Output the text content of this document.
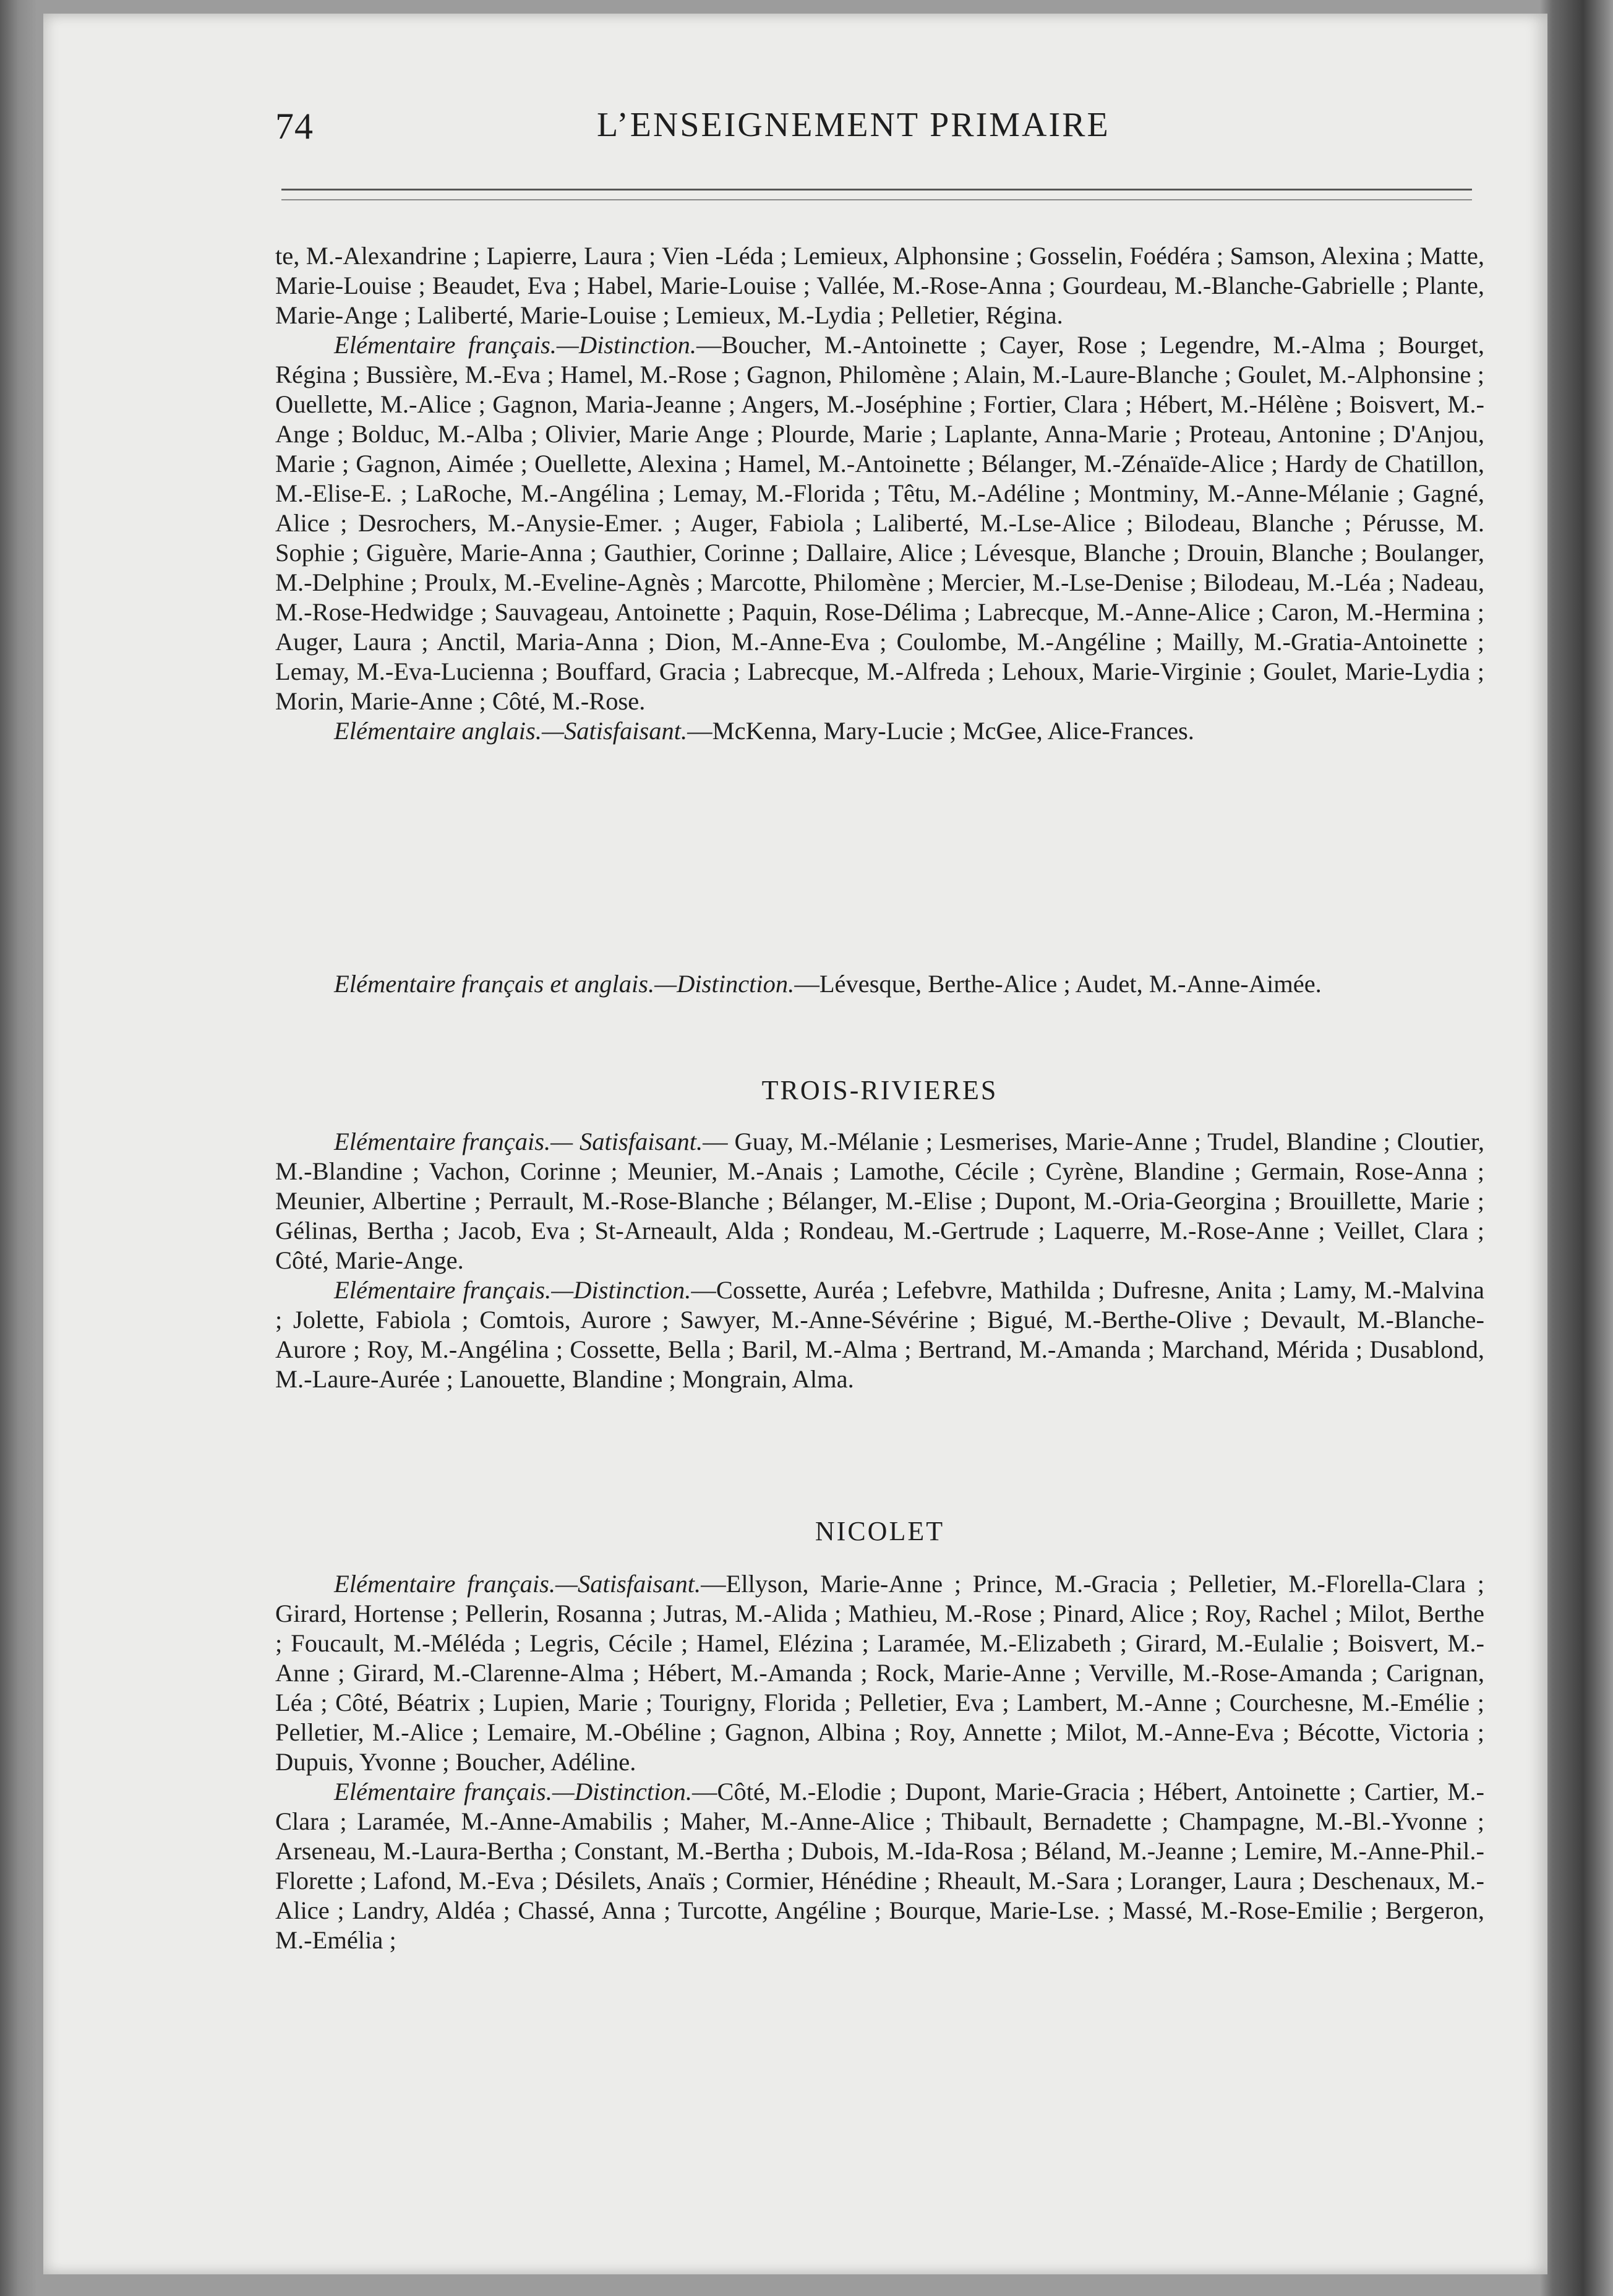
74	L’ENSEIGNEMENT PRIMAIRE

te, M.-Alexandrine ; Lapierre, Laura ; Vien -Léda ; Lemieux, Alphonsine ; Gosselin, Foédéra ; Samson, Alexina ; Matte, Marie-Louise ; Beaudet, Eva ; Habel, Marie-Louise ; Vallée, M.-Rose-Anna ; Gourdeau, M.-Blanche-Gabrielle ; Plante, Marie-Ange ; Laliberté, Marie-Louise ; Lemieux, M.-Lydia ; Pelletier, Régina.

Elémentaire français.—Distinction.—Boucher, M.-Antoinette ; Cayer, Rose ; Legendre, M.-Alma ; Bourget, Régina ; Bussière, M.-Eva ; Hamel, M.-Rose ; Gagnon, Philomène ; Alain, M.-Laure-Blanche ; Goulet, M.-Alphonsine ; Ouellette, M.-Alice ; Gagnon, Maria-Jeanne ; Angers, M.-Joséphine ; Fortier, Clara ; Hébert, M.-Hélène ; Boisvert, M.-Ange ; Bolduc, M.-Alba ; Olivier, Marie Ange ; Plourde, Marie ; Laplante, Anna-Marie ; Proteau, Antonine ; D'Anjou, Marie ; Gagnon, Aimée ; Ouellette, Alexina ; Hamel, M.-Antoinette ; Bélanger, M.-Zénaïde-Alice ; Hardy de Chatillon, M.-Elise-E. ; LaRoche, M.-Angélina ; Lemay, M.-Florida ; Têtu, M.-Adéline ; Montminy, M.-Anne-Mélanie ; Gagné, Alice ; Desrochers, M.-Anysie-Emer. ; Auger, Fabiola ; Laliberté, M.-Lse-Alice ; Bilodeau, Blanche ; Pérusse, M. Sophie ; Giguère, Marie-Anna ; Gauthier, Corinne ; Dallaire, Alice ; Lévesque, Blanche ; Drouin, Blanche ; Boulanger, M.-Delphine ; Proulx, M.-Eveline-Agnès ; Marcotte, Philomène ; Mercier, M.-Lse-Denise ; Bilodeau, M.-Léa ; Nadeau, M.-Rose-Hedwidge ; Sauvageau, Antoinette ; Paquin, Rose-Délima ; Labrecque, M.-Anne-Alice ; Caron, M.-Hermina ; Auger, Laura ; Anctil, Maria-Anna ; Dion, M.-Anne-Eva ; Coulombe, M.-Angéline ; Mailly, M.-Gratia-Antoinette ; Lemay, M.-Eva-Lucienna ; Bouffard, Gracia ; Labrecque, M.-Alfreda ; Lehoux, Marie-Virginie ; Goulet, Marie-Lydia ; Morin, Marie-Anne ; Côté, M.-Rose.

Elémentaire anglais.—Satisfaisant.—McKenna, Mary-Lucie ; McGee, Alice-Frances.

Elémentaire français et anglais.—Distinction.—Lévesque, Berthe-Alice ; Audet, M.-Anne-Aimée.

TROIS-RIVIERES

Elémentaire français.— Satisfaisant.— Guay, M.-Mélanie ; Lesmerises, Marie-Anne ; Trudel, Blandine ; Cloutier, M.-Blandine ; Vachon, Corinne ; Meunier, M.-Anais ; Lamothe, Cécile ; Cyrène, Blandine ; Germain, Rose-Anna ; Meunier, Albertine ; Perrault, M.-Rose-Blanche ; Bélanger, M.-Elise ; Dupont, M.-Oria-Georgina ; Brouillette, Marie ; Gélinas, Bertha ; Jacob, Eva ; St-Arneault, Alda ; Rondeau, M.-Gertrude ; Laquerre, M.-Rose-Anne ; Veillet, Clara ; Côté, Marie-Ange.

Elémentaire français.—Distinction.—Cossette, Auréa ; Lefebvre, Mathilda ; Dufresne, Anita ; Lamy, M.-Malvina ; Jolette, Fabiola ; Comtois, Aurore ; Sawyer, M.-Anne-Sévérine ; Bigué, M.-Berthe-Olive ; Devault, M.-Blanche-Aurore ; Roy, M.-Angélina ; Cossette, Bella ; Baril, M.-Alma ; Bertrand, M.-Amanda ; Marchand, Mérida ; Dusablond, M.-Laure-Aurée ; Lanouette, Blandine ; Mongrain, Alma.

NICOLET

Elémentaire français.—Satisfaisant.—Ellyson, Marie-Anne ; Prince, M.-Gracia ; Pelletier, M.-Florella-Clara ; Girard, Hortense ; Pellerin, Rosanna ; Jutras, M.-Alida ; Mathieu, M.-Rose ; Pinard, Alice ; Roy, Rachel ; Milot, Berthe ; Foucault, M.-Méléda ; Legris, Cécile ; Hamel, Elézina ; Laramée, M.-Elizabeth ; Girard, M.-Eulalie ; Boisvert, M.-Anne ; Girard, M.-Clarenne-Alma ; Hébert, M.-Amanda ; Rock, Marie-Anne ; Verville, M.-Rose-Amanda ; Carignan, Léa ; Côté, Béatrix ; Lupien, Marie ; Tourigny, Florida ; Pelletier, Eva ; Lambert, M.-Anne ; Courchesne, M.-Emélie ; Pelletier, M.-Alice ; Lemaire, M.-Obéline ; Gagnon, Albina ; Roy, Annette ; Milot, M.-Anne-Eva ; Bécotte, Victoria ; Dupuis, Yvonne ; Boucher, Adéline.

Elémentaire français.—Distinction.—Côté, M.-Elodie ; Dupont, Marie-Gracia ; Hébert, Antoinette ; Cartier, M.-Clara ; Laramée, M.-Anne-Amabilis ; Maher, M.-Anne-Alice ; Thibault, Bernadette ; Champagne, M.-Bl.-Yvonne ; Arseneau, M.-Laura-Bertha ; Constant, M.-Bertha ; Dubois, M.-Ida-Rosa ; Béland, M.-Jeanne ; Lemire, M.-Anne-Phil.-Florette ; Lafond, M.-Eva ; Désilets, Anaïs ; Cormier, Hénédine ; Rheault, M.-Sara ; Loranger, Laura ; Deschenaux, M.-Alice ; Landry, Aldéa ; Chassé, Anna ; Turcotte, Angéline ; Bourque, Marie-Lse. ; Massé, M.-Rose-Emilie ; Bergeron, M.-Emélia ;
